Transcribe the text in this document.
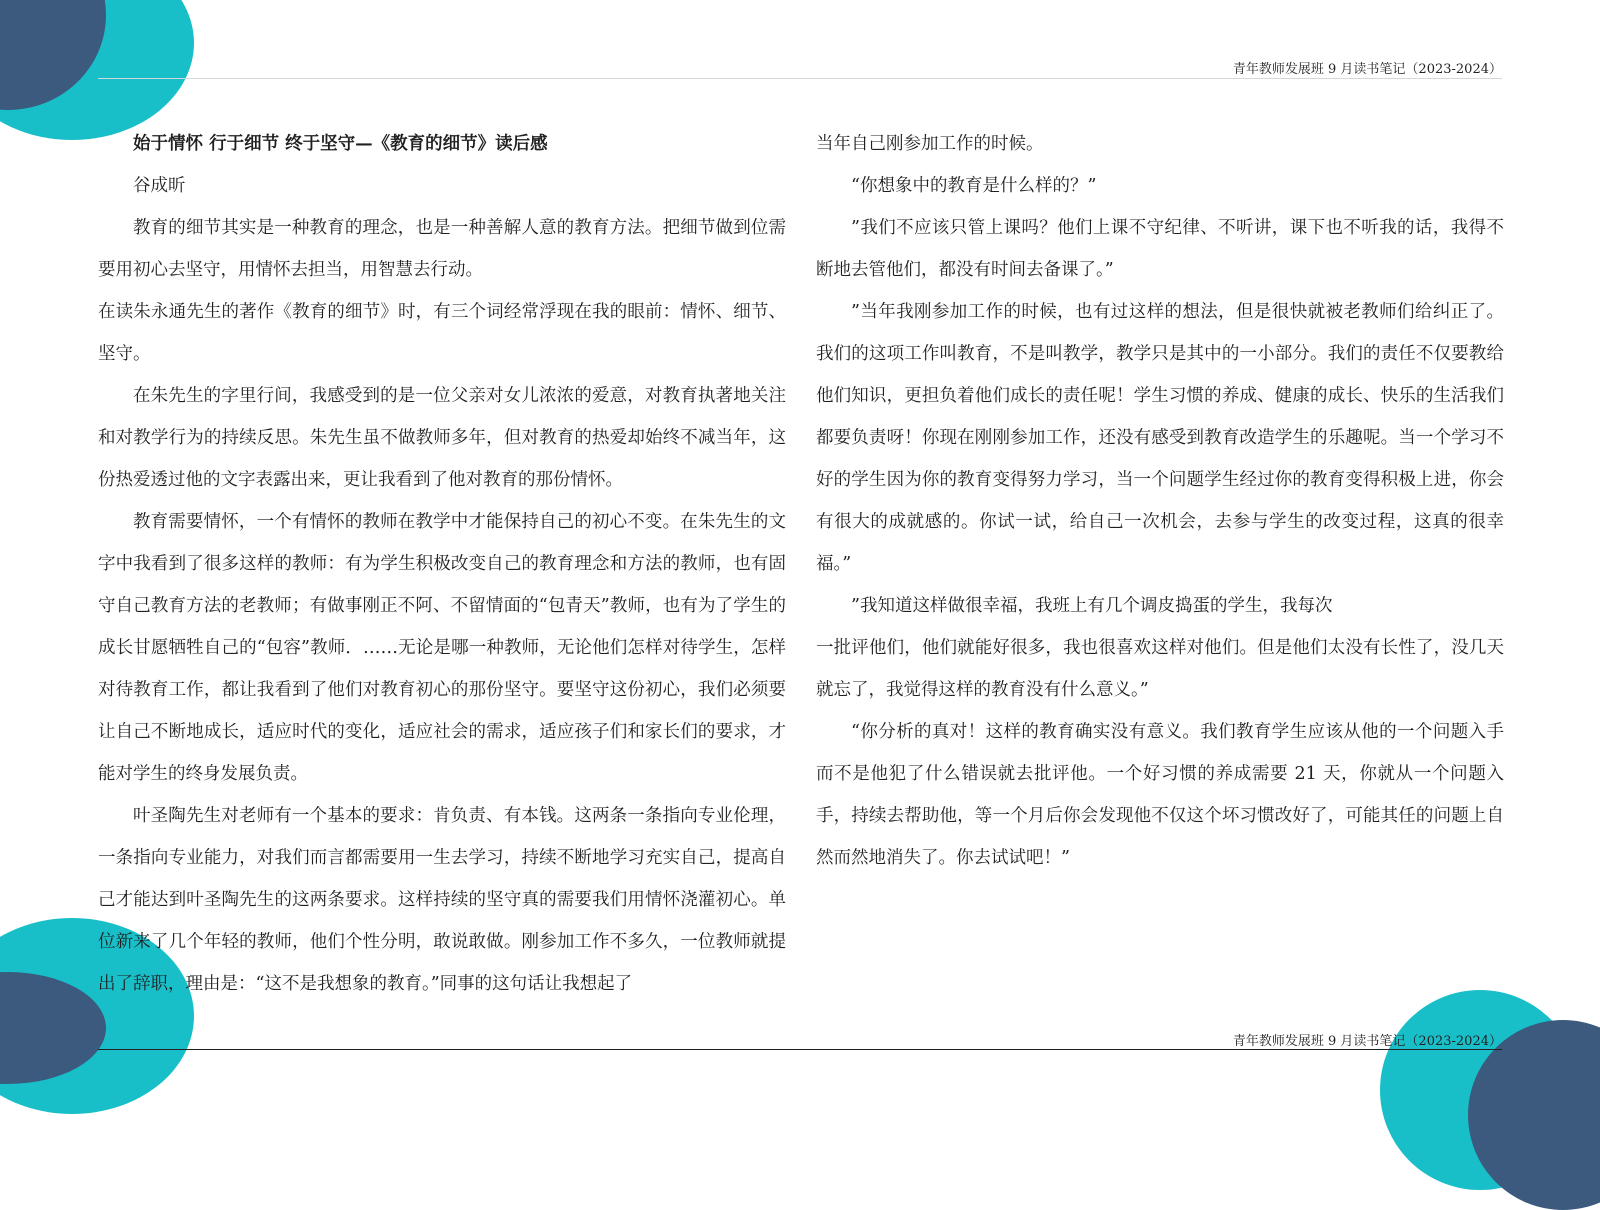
青年教师发展班 9 月读书笔记（2023-2024）

始于情怀 行于细节 终于坚守—《教育的细节》读后感

谷成昕

教育的细节其实是一种教育的理念，也是一种善解人意的教育方法。把细节做到位需要用初心去坚守，用情怀去担当，用智慧去行动。

在读朱永通先生的著作《教育的细节》时，有三个词经常浮现在我的眼前：情怀、细节、坚守。

在朱先生的字里行间，我感受到的是一位父亲对女儿浓浓的爱意，对教育执著地关注和对教学行为的持续反思。朱先生虽不做教师多年，但对教育的热爱却始终不减当年，这份热爱透过他的文字表露出来，更让我看到了他对教育的那份情怀。

教育需要情怀，一个有情怀的教师在教学中才能保持自己的初心不变。在朱先生的文字中我看到了很多这样的教师：有为学生积极改变自己的教育理念和方法的教师，也有固守自己教育方法的老教师；有做事刚正不阿、不留情面的“包青天”教师，也有为了学生的成长甘愿牺牲自己的“包容”教师．……无论是哪一种教师，无论他们怎样对待学生，怎样对待教育工作，都让我看到了他们对教育初心的那份坚守。要坚守这份初心，我们必须要让自己不断地成长，适应时代的变化，适应社会的需求，适应孩子们和家长们的要求，才能对学生的终身发展负责。

叶圣陶先生对老师有一个基本的要求：肯负责、有本钱。这两条一条指向专业伦理，一条指向专业能力，对我们而言都需要用一生去学习，持续不断地学习充实自己，提高自己才能达到叶圣陶先生的这两条要求。这样持续的坚守真的需要我们用情怀浇灌初心。单位新来了几个年轻的教师，他们个性分明，敢说敢做。刚参加工作不多久，一位教师就提出了辞职，理由是：“这不是我想象的教育。”同事的这句话让我想起了

当年自己刚参加工作的时候。

“你想象中的教育是什么样的？”

”我们不应该只管上课吗？他们上课不守纪律、不听讲，课下也不听我的话，我得不断地去管他们，都没有时间去备课了。”

”当年我刚参加工作的时候，也有过这样的想法，但是很快就被老教师们给纠正了。我们的这项工作叫教育，不是叫教学，教学只是其中的一小部分。我们的责任不仅要教给他们知识，更担负着他们成长的责任呢！学生习惯的养成、健康的成长、快乐的生活我们都要负责呀！你现在刚刚参加工作，还没有感受到教育改造学生的乐趣呢。当一个学习不好的学生因为你的教育变得努力学习，当一个问题学生经过你的教育变得积极上进，你会有很大的成就感的。你试一试，给自己一次机会，去参与学生的改变过程，这真的很幸福。”

”我知道这样做很幸福，我班上有几个调皮捣蛋的学生，我每次

一批评他们，他们就能好很多，我也很喜欢这样对他们。但是他们太没有长性了，没几天就忘了，我觉得这样的教育没有什么意义。”

“你分析的真对！这样的教育确实没有意义。我们教育学生应该从他的一个问题入手而不是他犯了什么错误就去批评他。一个好习惯的养成需要 21 天，你就从一个问题入手，持续去帮助他，等一个月后你会发现他不仅这个坏习惯改好了，可能其任的问题上自然而然地消失了。你去试试吧！”

青年教师发展班 9 月读书笔记（2023-2024）
